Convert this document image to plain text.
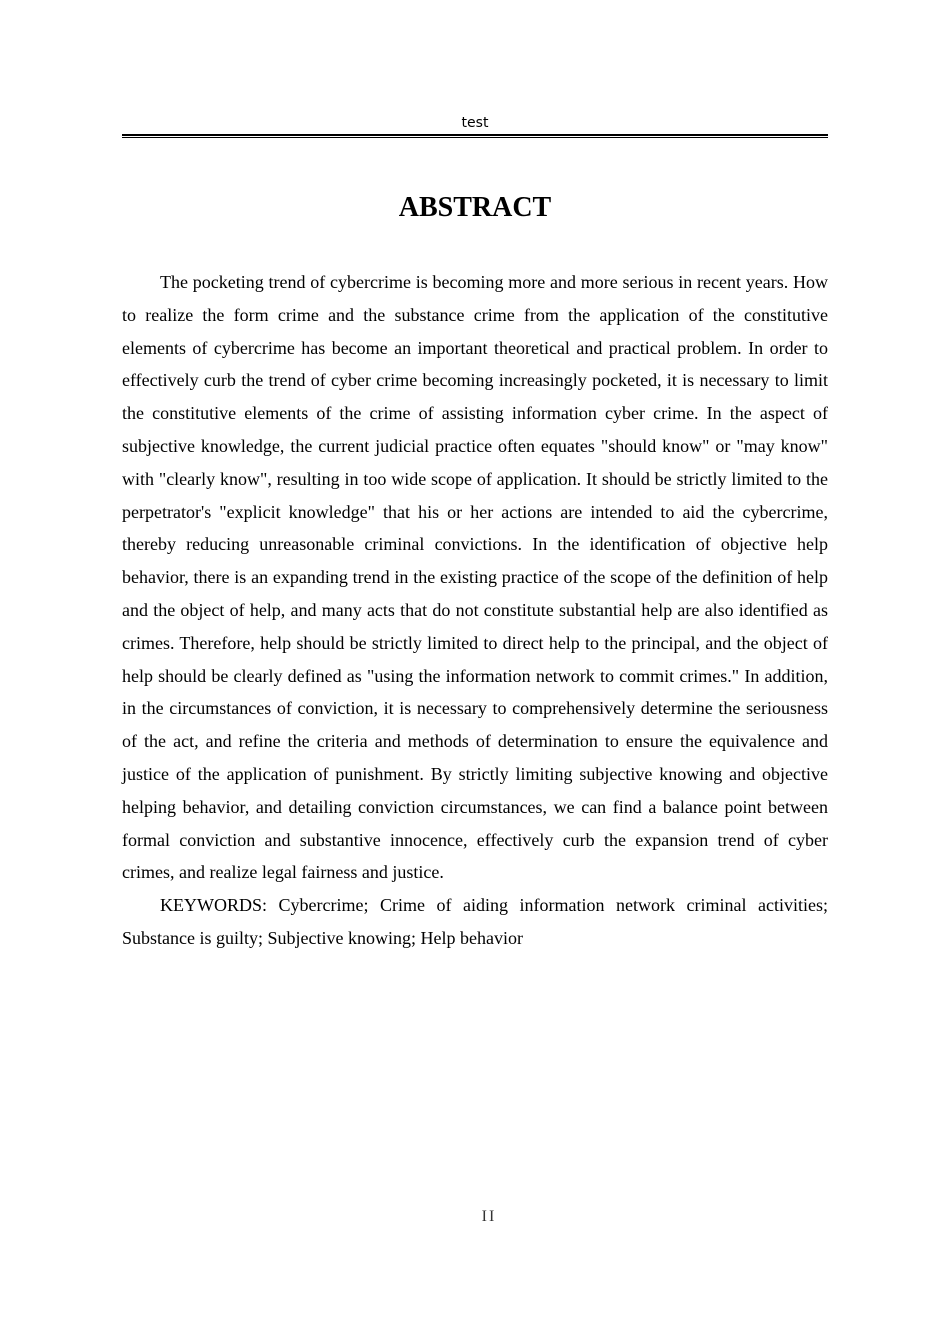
test
ABSTRACT

The pocketing trend of cybercrime is becoming more and more serious in recent years. How to realize the form crime and the substance crime from the application of the constitutive elements of cybercrime has become an important theoretical and practical problem. In order to effectively curb the trend of cyber crime becoming increasingly pocketed, it is necessary to limit the constitutive elements of the crime of assisting information cyber crime. In the aspect of subjective knowledge, the current judicial practice often equates "should know" or "may know" with "clearly know", resulting in too wide scope of application. It should be strictly limited to the perpetrator's "explicit knowledge" that his or her actions are intended to aid the cybercrime, thereby reducing unreasonable criminal convictions. In the identification of objective help behavior, there is an expanding trend in the existing practice of the scope of the definition of help and the object of help, and many acts that do not constitute substantial help are also identified as crimes. Therefore, help should be strictly limited to direct help to the principal, and the object of help should be clearly defined as "using the information network to commit crimes." In addition, in the circumstances of conviction, it is necessary to comprehensively determine the seriousness of the act, and refine the criteria and methods of determination to ensure the equivalence and justice of the application of punishment. By strictly limiting subjective knowing and objective helping behavior, and detailing conviction circumstances, we can find a balance point between formal conviction and substantive innocence, effectively curb the expansion trend of cyber crimes, and realize legal fairness and justice.

KEYWORDS: Cybercrime; Crime of aiding information network criminal activities; Substance is guilty; Subjective knowing; Help behavior

II
